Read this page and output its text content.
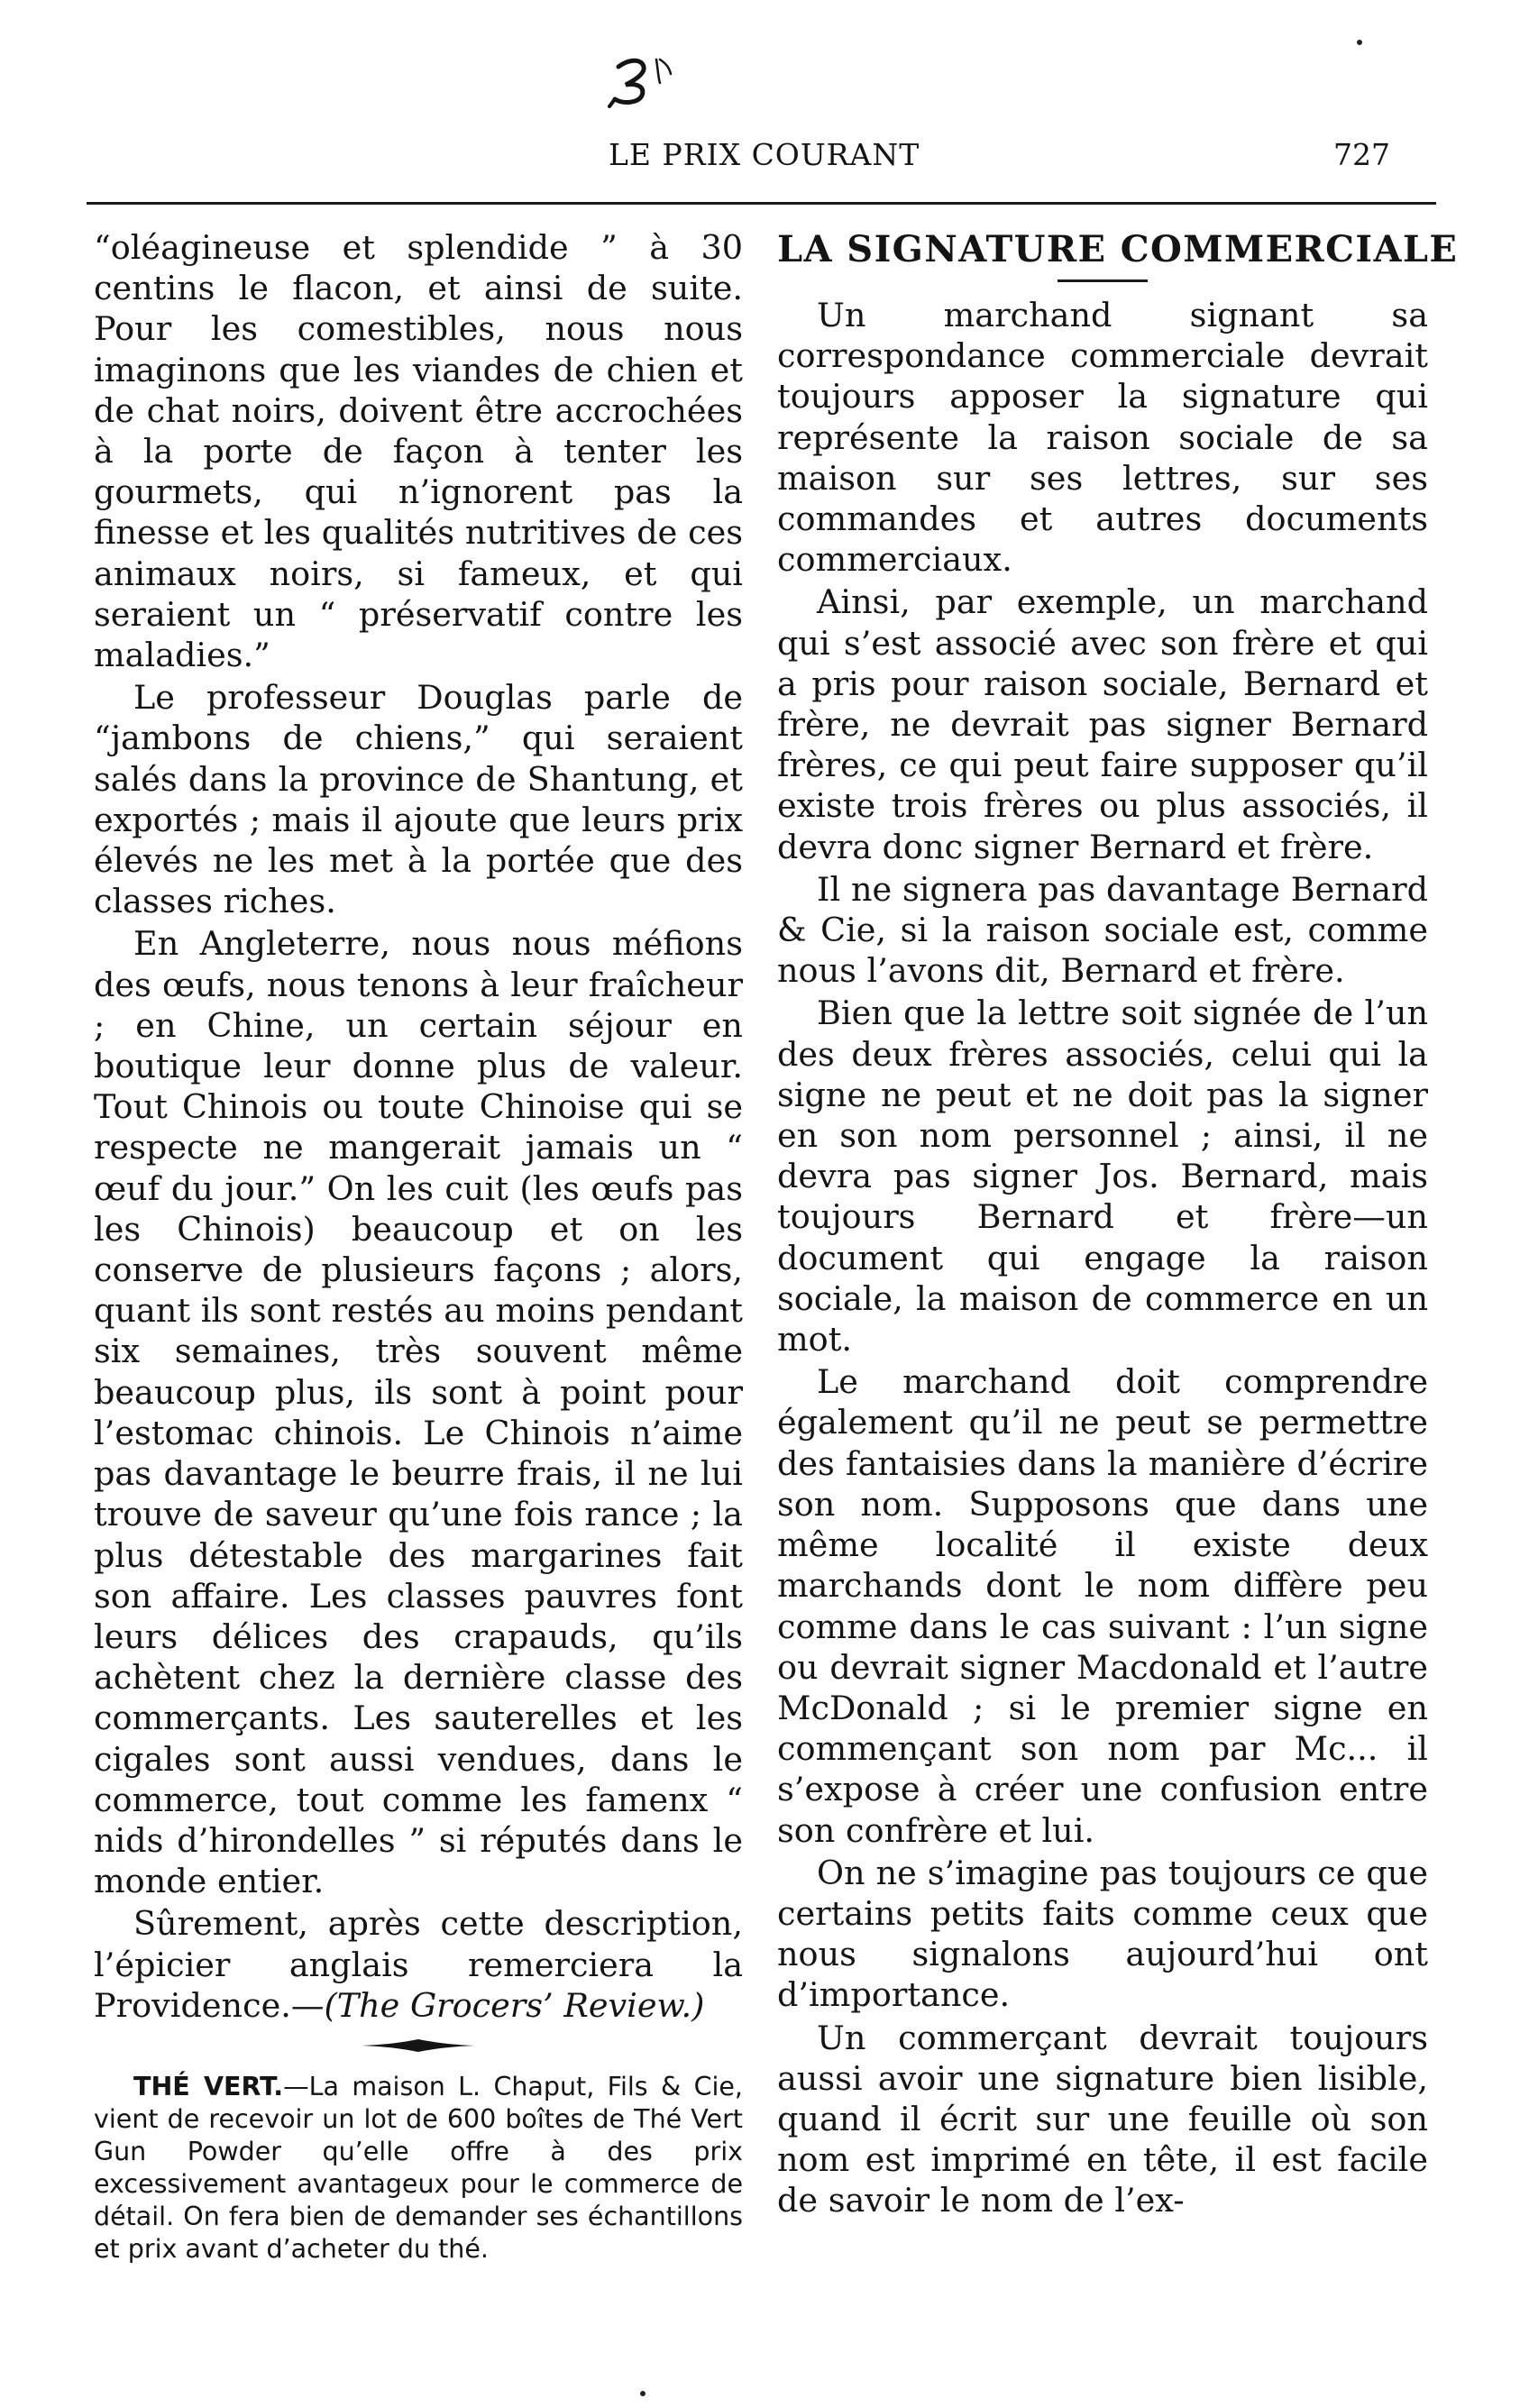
LE PRIX COURANT	727

“oléagineuse et splendide ” à 30 centins le flacon, et ainsi de suite. Pour les comestibles, nous nous imaginons que les viandes de chien et de chat noirs, doivent être accrochées à la porte de façon à tenter les gourmets, qui n’ignorent pas la finesse et les qualités nutritives de ces animaux noirs, si fameux, et qui seraient un “ préservatif contre les maladies.”

Le professeur Douglas parle de “jambons de chiens,” qui seraient salés dans la province de Shantung, et exportés ; mais il ajoute que leurs prix élevés ne les met à la portée que des classes riches.

En Angleterre, nous nous méfions des œufs, nous tenons à leur fraîcheur ; en Chine, un certain séjour en boutique leur donne plus de valeur. Tout Chinois ou toute Chinoise qui se respecte ne mangerait jamais un “ œuf du jour.” On les cuit (les œufs pas les Chinois) beaucoup et on les conserve de plusieurs façons ; alors, quant ils sont restés au moins pendant six semaines, très souvent même beaucoup plus, ils sont à point pour l’estomac chinois. Le Chinois n’aime pas davantage le beurre frais, il ne lui trouve de saveur qu’une fois rance ; la plus détestable des margarines fait son affaire. Les classes pauvres font leurs délices des crapauds, qu’ils achètent chez la dernière classe des commerçants. Les sauterelles et les cigales sont aussi vendues, dans le commerce, tout comme les famenx “ nids d’hirondelles ” si réputés dans le monde entier.

Sûrement, après cette description, l’épicier anglais remerciera la Providence.—(The Grocers’ Review.)

THÉ VERT.—La maison L. Chaput, Fils & Cie, vient de recevoir un lot de 600 boîtes de Thé Vert Gun Powder qu’elle offre à des prix excessivement avantageux pour le commerce de détail. On fera bien de demander ses échantillons et prix avant d’acheter du thé.

LA SIGNATURE COMMERCIALE

Un marchand signant sa correspondance commerciale devrait toujours apposer la signature qui représente la raison sociale de sa maison sur ses lettres, sur ses commandes et autres documents commerciaux.

Ainsi, par exemple, un marchand qui s’est associé avec son frère et qui a pris pour raison sociale, Bernard et frère, ne devrait pas signer Bernard frères, ce qui peut faire supposer qu’il existe trois frères ou plus associés, il devra donc signer Bernard et frère.

Il ne signera pas davantage Bernard & Cie, si la raison sociale est, comme nous l’avons dit, Bernard et frère.

Bien que la lettre soit signée de l’un des deux frères associés, celui qui la signe ne peut et ne doit pas la signer en son nom personnel ; ainsi, il ne devra pas signer Jos. Bernard, mais toujours Bernard et frère—un document qui engage la raison sociale, la maison de commerce en un mot.

Le marchand doit comprendre également qu’il ne peut se permettre des fantaisies dans la manière d’écrire son nom. Supposons que dans une même localité il existe deux marchands dont le nom diffère peu comme dans le cas suivant : l’un signe ou devrait signer Macdonald et l’autre McDonald ; si le premier signe en commençant son nom par Mc... il s’expose à créer une confusion entre son confrère et lui.

On ne s’imagine pas toujours ce que certains petits faits comme ceux que nous signalons aujourd’hui ont d’importance.

Un commerçant devrait toujours aussi avoir une signature bien lisible, quand il écrit sur une feuille où son nom est imprimé en tête, il est facile de savoir le nom de l’ex-
